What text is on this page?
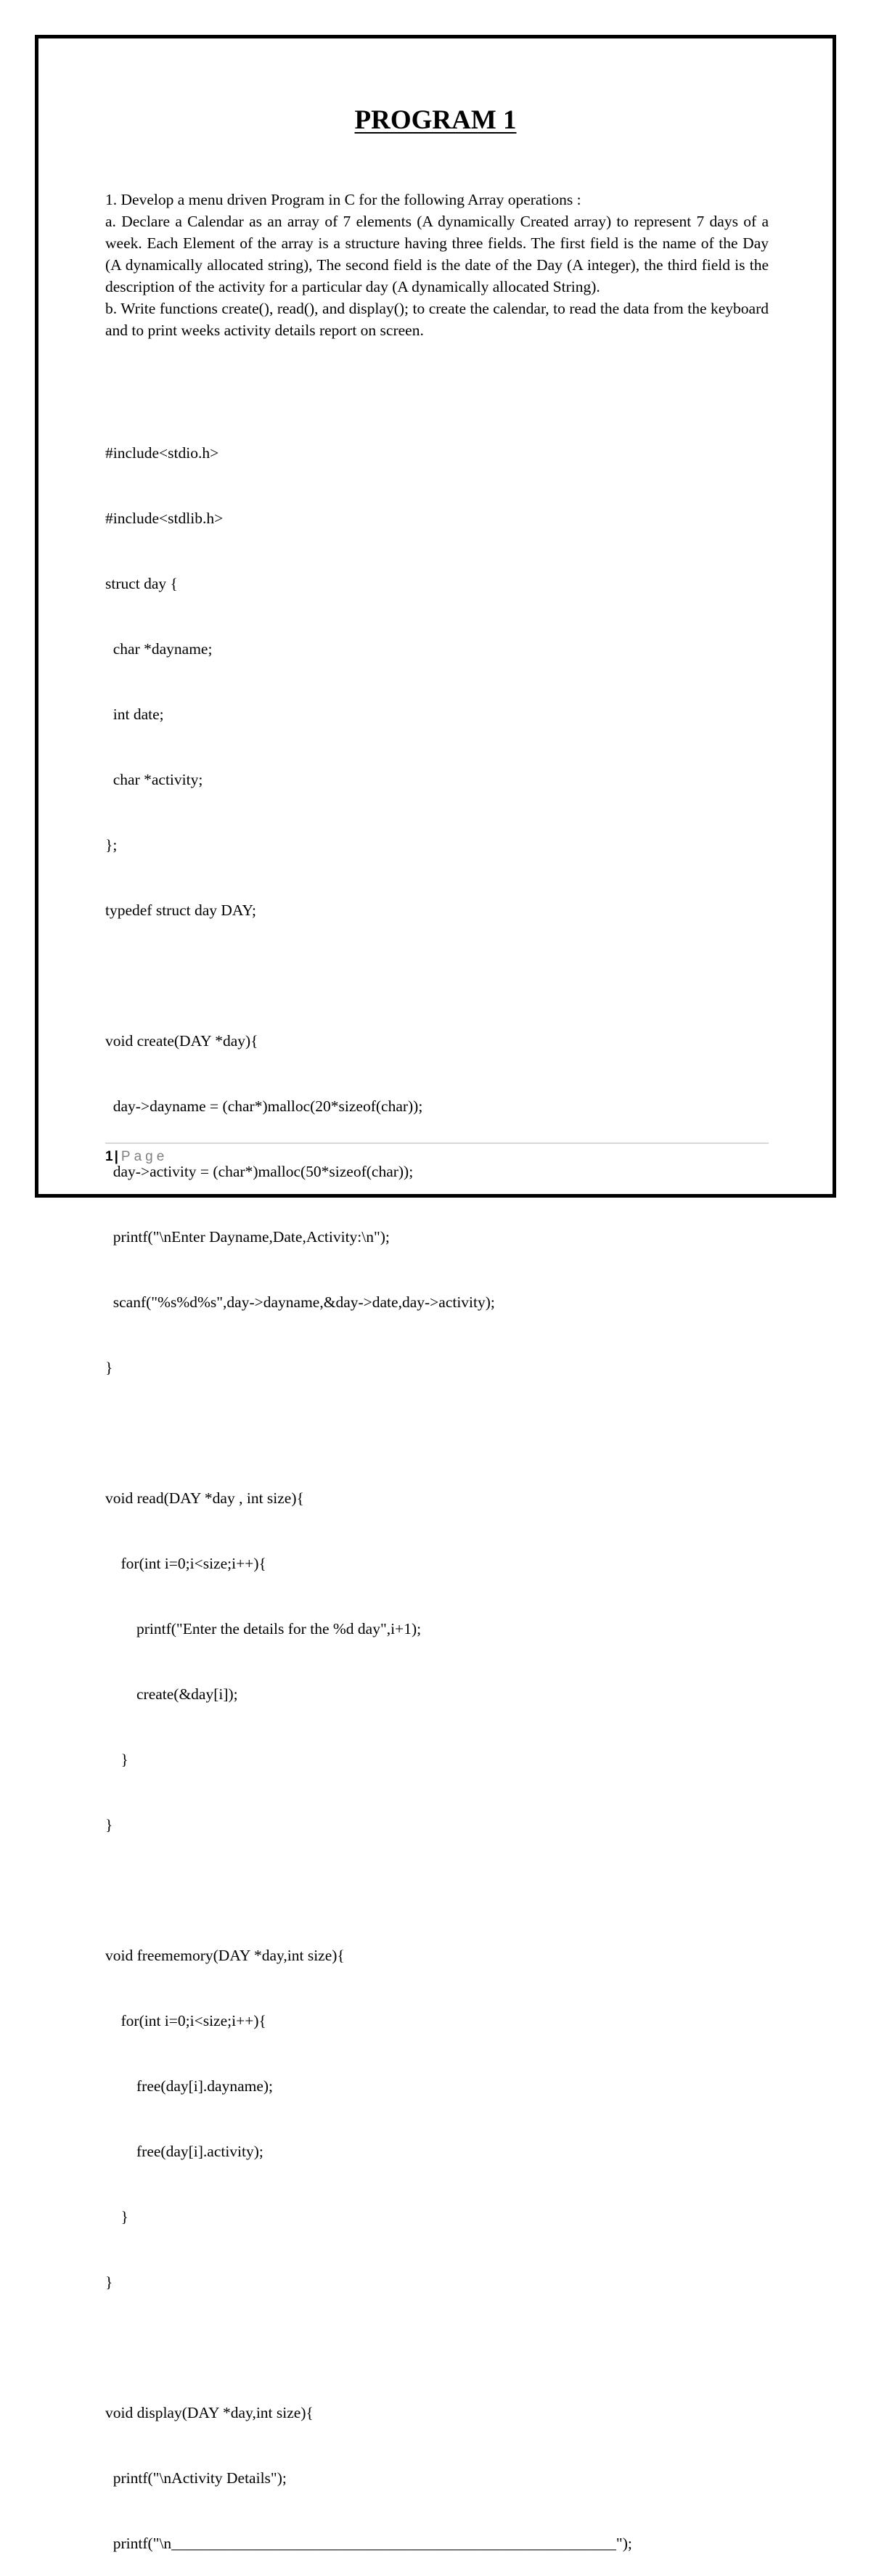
PROGRAM 1

1. Develop a menu driven Program in C for the following Array operations :

a. Declare a Calendar as an array of 7 elements (A dynamically Created array) to represent 7 days of a week. Each Element of the array is a structure having three fields. The first field is the name of the Day (A dynamically allocated string), The second field is the date of the Day (A integer), the third field is the description of the activity for a particular day (A dynamically allocated String).

b. Write functions create(), read(), and display(); to create the calendar, to read the data from the keyboard and to print weeks activity details report on screen.

#include<stdio.h>

#include<stdlib.h>

struct day {

char *dayname;

int date;

char *activity;

};

typedef struct day DAY;

void create(DAY *day){

day->dayname = (char*)malloc(20*sizeof(char));

day->activity = (char*)malloc(50*sizeof(char));

printf("\nEnter Dayname,Date,Activity:\n");

scanf("%s%d%s",day->dayname,&day->date,day->activity);

}

void read(DAY *day , int size){

for(int i=0;i<size;i++){

printf("Enter the details for the %d day",i+1);

create(&day[i]);

}

}

void freememory(DAY *day,int size){

for(int i=0;i<size;i++){

free(day[i].dayname);

free(day[i].activity);

}

}

void display(DAY *day,int size){

printf("\nActivity Details");

printf("\n_________________________________________________________");

1 | Page
